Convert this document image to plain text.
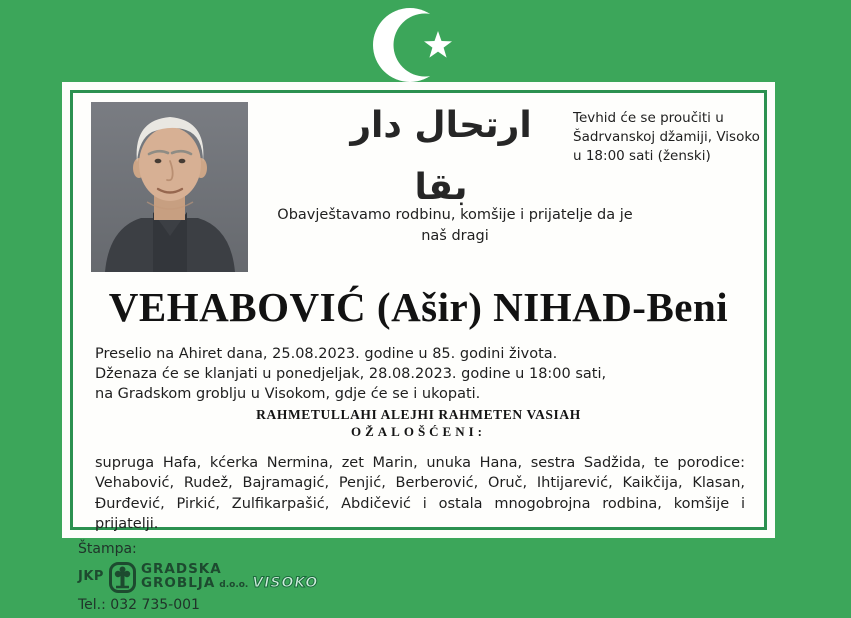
ارتحال دار بقا
Tevhid će se proučiti u
Šadrvanskoj džamiji, Visoko
u 18:00 sati (ženski)
Obavještavamo rodbinu, komšije i prijatelje da je
naš dragi
VEHABOVIĆ (Ašir) NIHAD-Beni
Preselio na Ahiret dana, 25.08.2023. godine u 85. godini života.
Dženaza će se klanjati u ponedjeljak, 28.08.2023. godine u 18:00 sati,
na Gradskom groblju u Visokom, gdje će se i ukopati.
RAHMETULLAHI ALEJHI RAHMETEN VASIAH
OŽALOŠĆENI:

supruga Hafa, kćerka Nermina, zet Marin, unuka Hana, sestra Sadžida, te porodice: Vehabović, Rudež, Bajramagić, Penjić, Berberović, Oruč, Ihtijarević, Kaikčija, Klasan, Đurđević, Pirkić, Zulfikarpašić, Abdičević i ostala mnogobrojna rodbina, komšije i prijatelji.

Štampa:
JKP	GRADSKA
GROBLJA d.o.o. VISOKO
Tel.: 032 735-001
